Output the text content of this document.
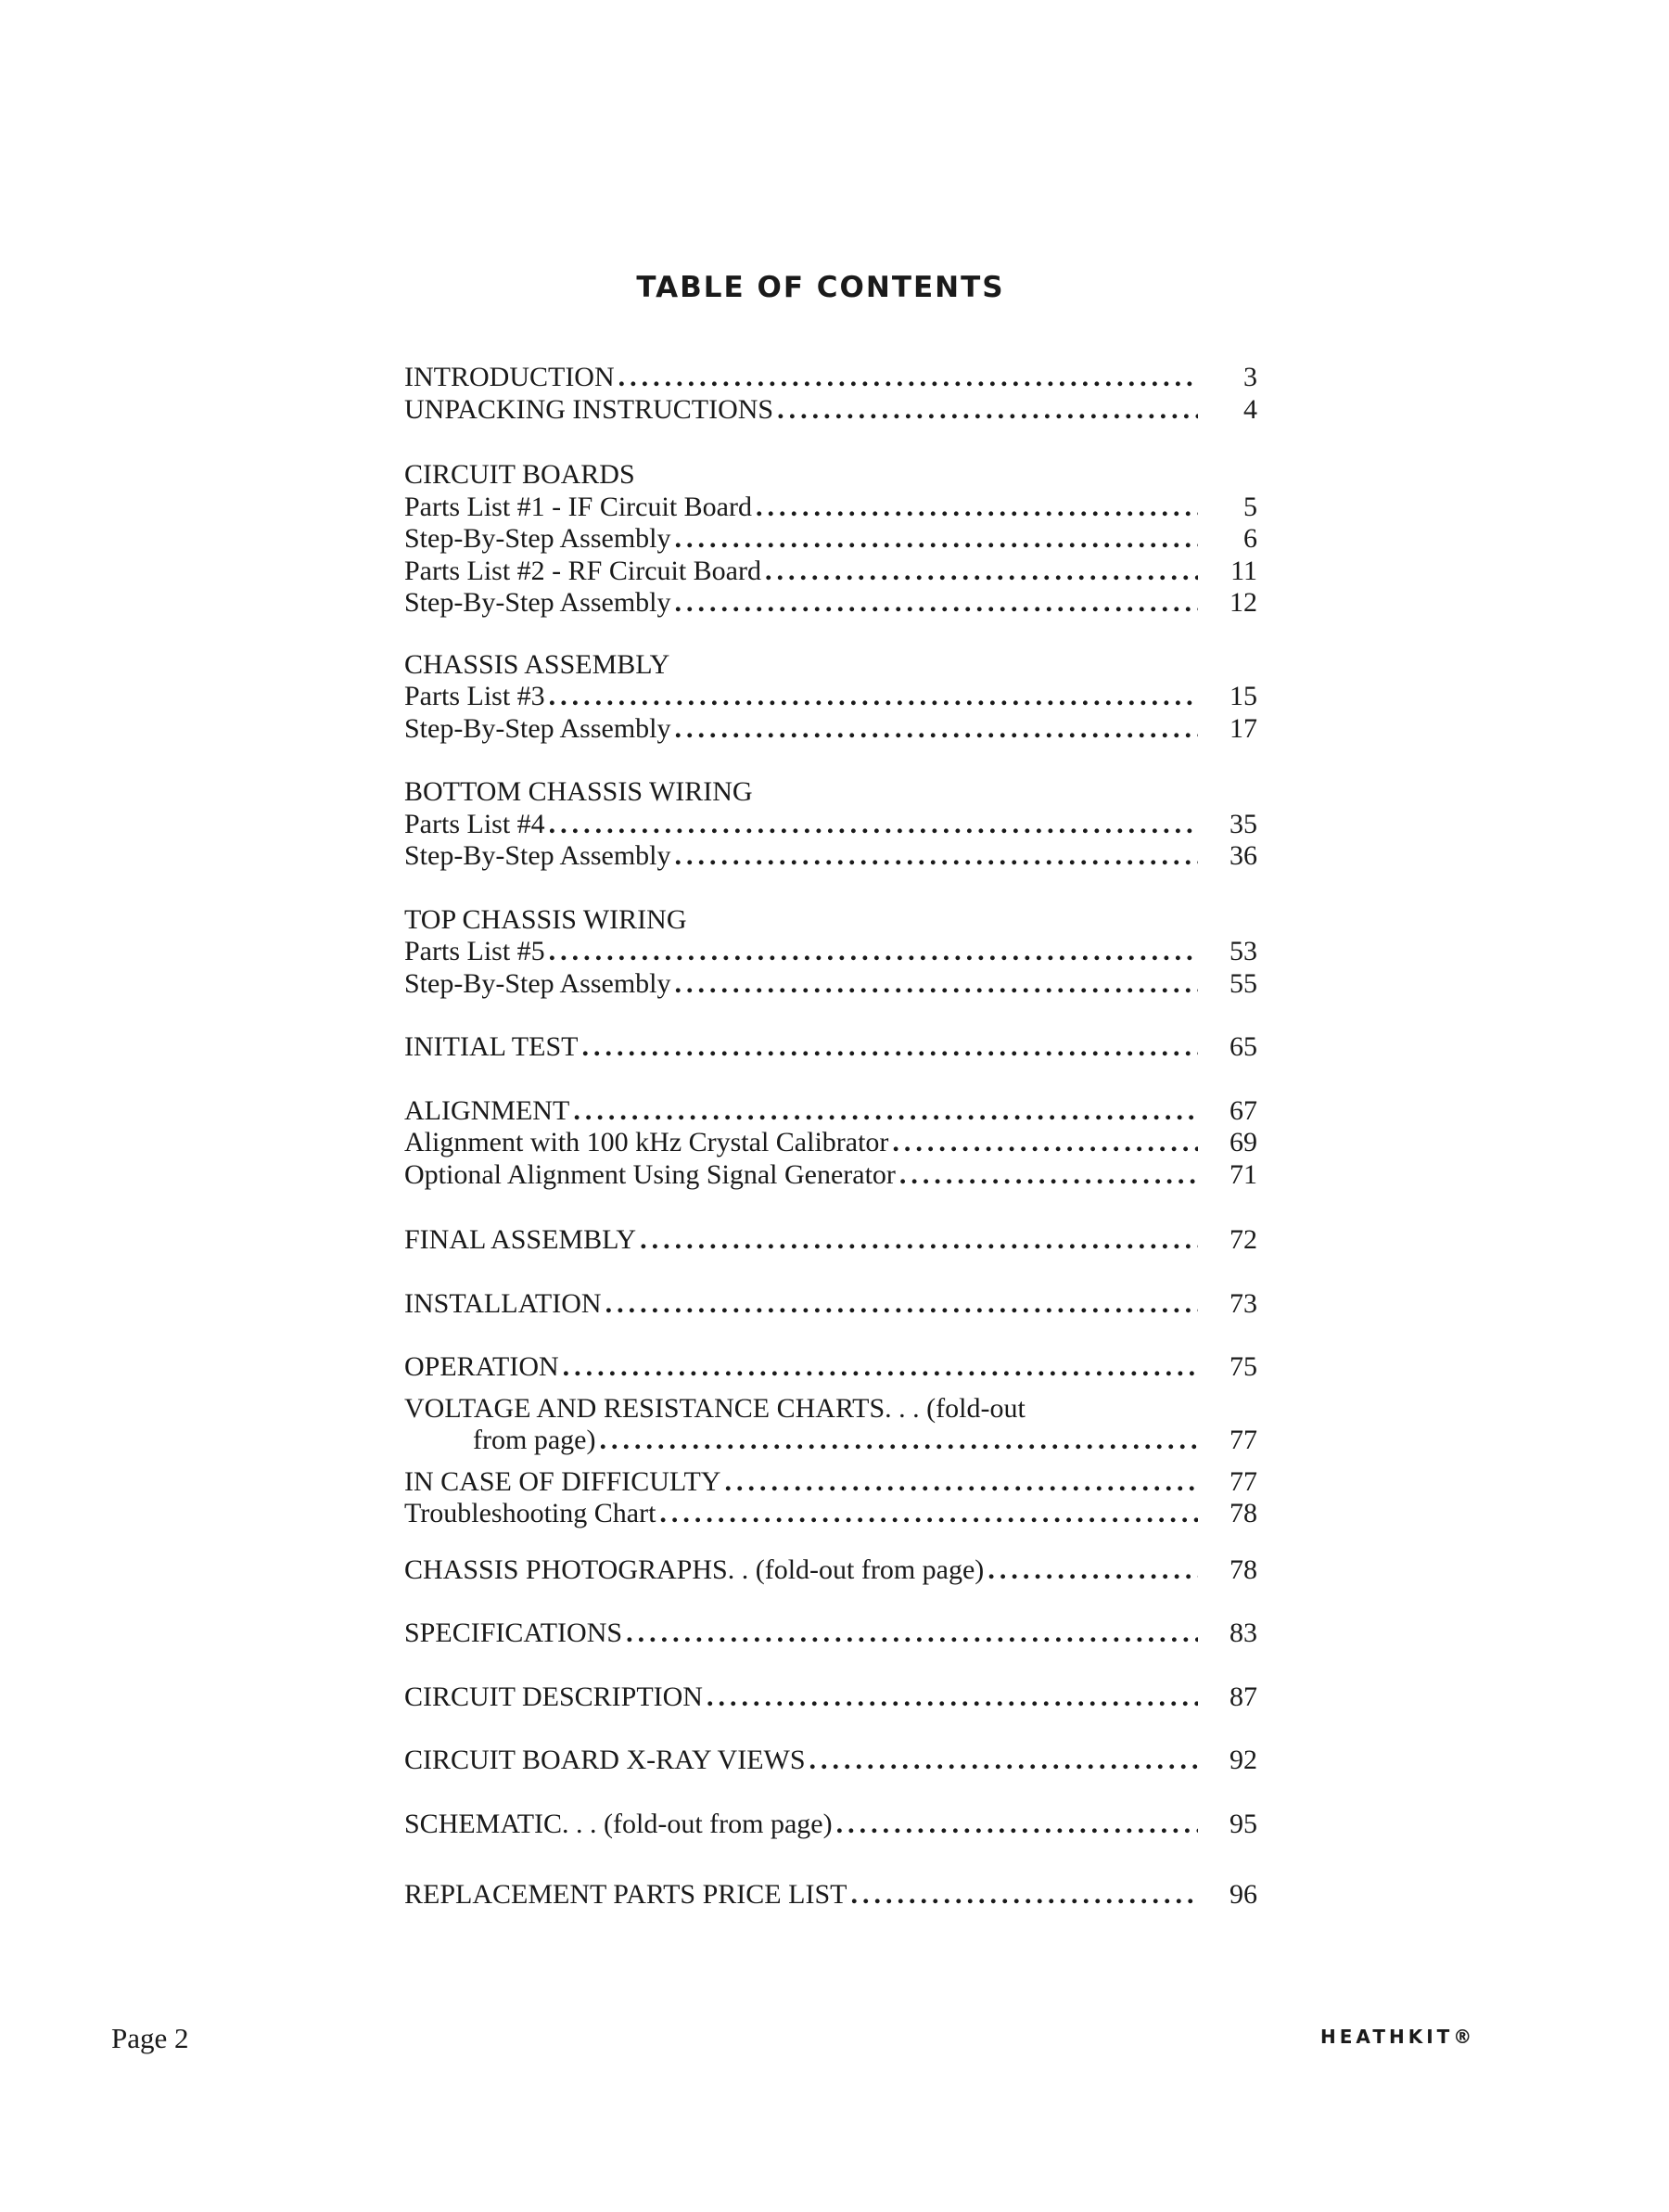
TABLE OF CONTENTS
INTRODUCTION .....	3
UNPACKING INSTRUCTIONS .....	4
CIRCUIT BOARDS
Parts List #1 - IF Circuit Board .....	5
Step-By-Step Assembly .....	6
Parts List #2 - RF Circuit Board .....	11
Step-By-Step Assembly .....	12
CHASSIS ASSEMBLY
Parts List #3 .....	15
Step-By-Step Assembly .....	17
BOTTOM CHASSIS WIRING
Parts List #4 .....	35
Step-By-Step Assembly .....	36
TOP CHASSIS WIRING
Parts List #5 .....	53
Step-By-Step Assembly .....	55
INITIAL TEST .....	65
ALIGNMENT .....	67
Alignment with 100 kHz Crystal Calibrator .....	69
Optional Alignment Using Signal Generator .....	71
FINAL ASSEMBLY .....	72
INSTALLATION .....	73
OPERATION .....	75
VOLTAGE AND RESISTANCE CHARTS. . . (fold-out
from page) .....	77
IN CASE OF DIFFICULTY .....	77
Troubleshooting Chart .....	78
CHASSIS PHOTOGRAPHS. . (fold-out from page) .....	78
SPECIFICATIONS .....	83
CIRCUIT DESCRIPTION .....	87
CIRCUIT BOARD X-RAY VIEWS .....	92
SCHEMATIC. . . (fold-out from page) .....	95
REPLACEMENT PARTS PRICE LIST .....	96
Page 2	HEATHKIT®
